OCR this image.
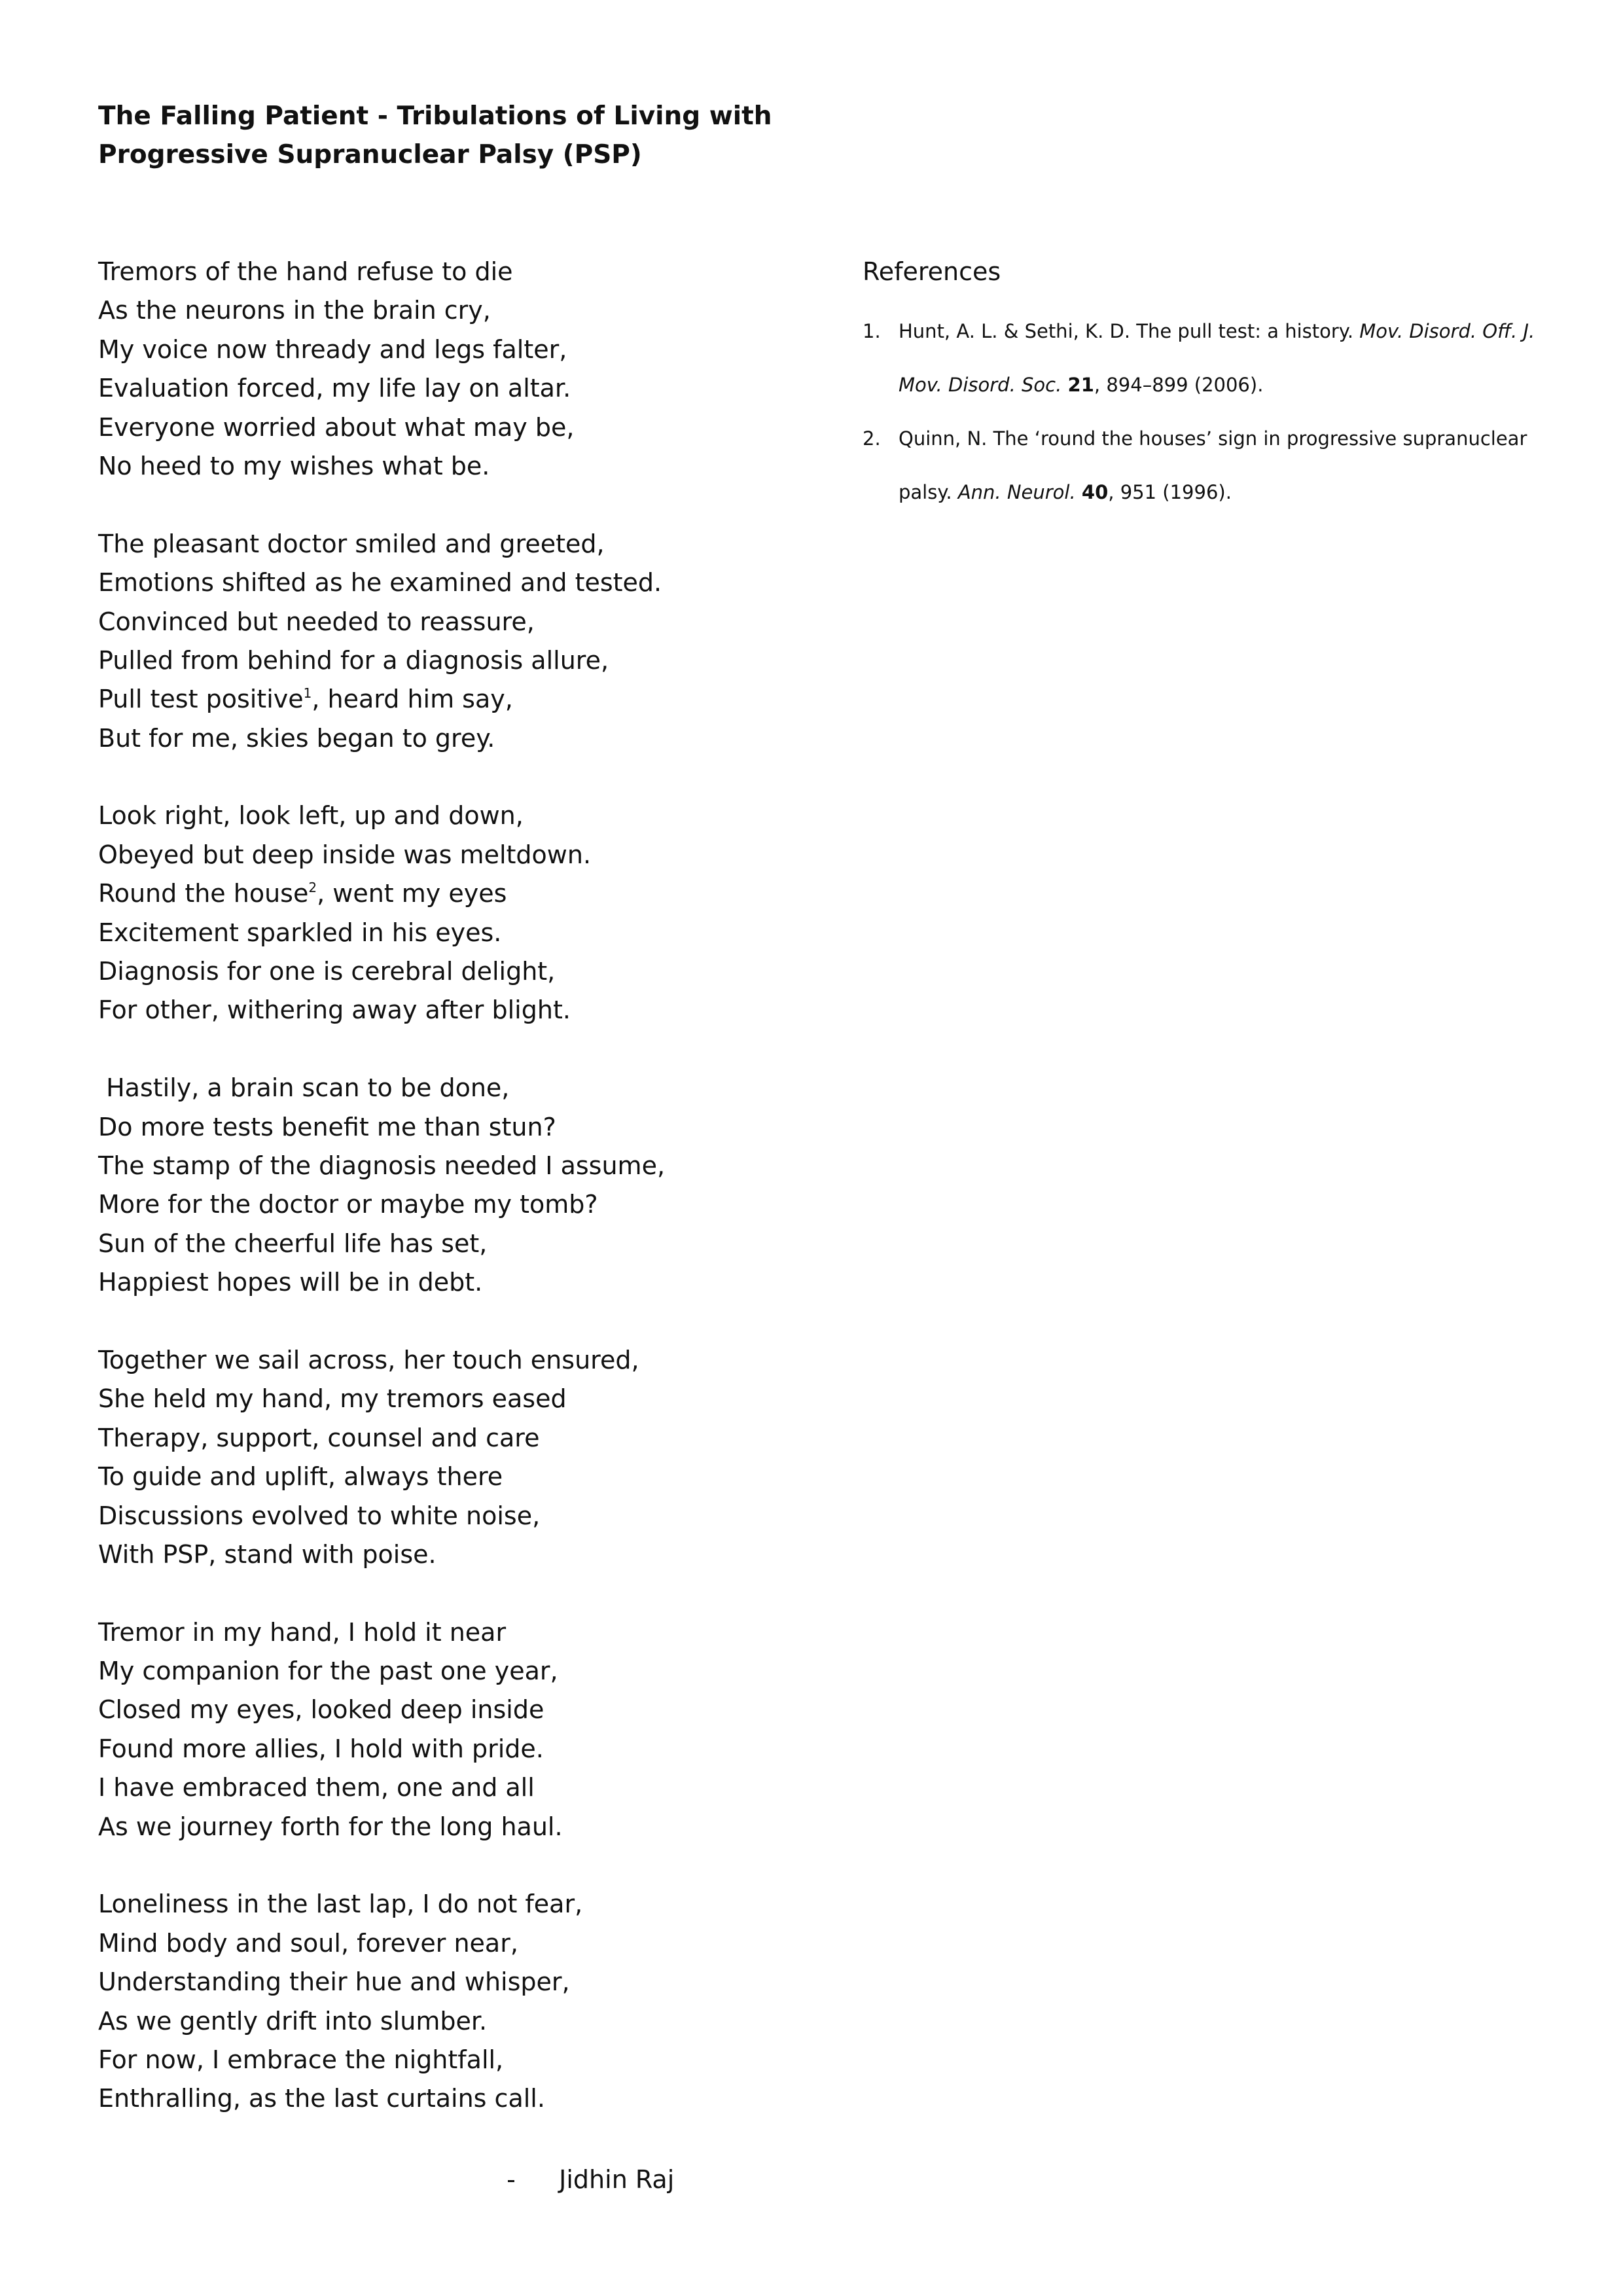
The Falling Patient - Tribulations of Living with
Progressive Supranuclear Palsy (PSP)
Tremors of the hand refuse to die
As the neurons in the brain cry,
My voice now thready and legs falter,
Evaluation forced, my life lay on altar.
Everyone worried about what may be,
No heed to my wishes what be.
The pleasant doctor smiled and greeted,
Emotions shifted as he examined and tested.
Convinced but needed to reassure,
Pulled from behind for a diagnosis allure,
Pull test positive$^1$, heard him say,
But for me, skies began to grey.
Look right, look left, up and down,
Obeyed but deep inside was meltdown.
Round the house$^2$, went my eyes
Excitement sparkled in his eyes.
Diagnosis for one is cerebral delight,
For other, withering away after blight.
Hastily, a brain scan to be done,
Do more tests benefit me than stun?
The stamp of the diagnosis needed I assume,
More for the doctor or maybe my tomb?
Sun of the cheerful life has set,
Happiest hopes will be in debt.
Together we sail across, her touch ensured,
She held my hand, my tremors eased
Therapy, support, counsel and care
To guide and uplift, always there
Discussions evolved to white noise,
With PSP, stand with poise.
Tremor in my hand, I hold it near
My companion for the past one year,
Closed my eyes, looked deep inside
Found more allies, I hold with pride.
I have embraced them, one and all
As we journey forth for the long haul.
Loneliness in the last lap, I do not fear,
Mind body and soul, forever near,
Understanding their hue and whisper,
As we gently drift into slumber.
For now, I embrace the nightfall,
Enthralling, as the last curtains call.

- Jidhin Raj

References

1. Hunt, A. L. & Sethi, K. D. The pull test: a history. Mov. Disord. Off. J. Mov. Disord. Soc. 21, 894–899 (2006).

2. Quinn, N. The ‘round the houses’ sign in progressive supranuclear palsy. Ann. Neurol. 40, 951 (1996).
